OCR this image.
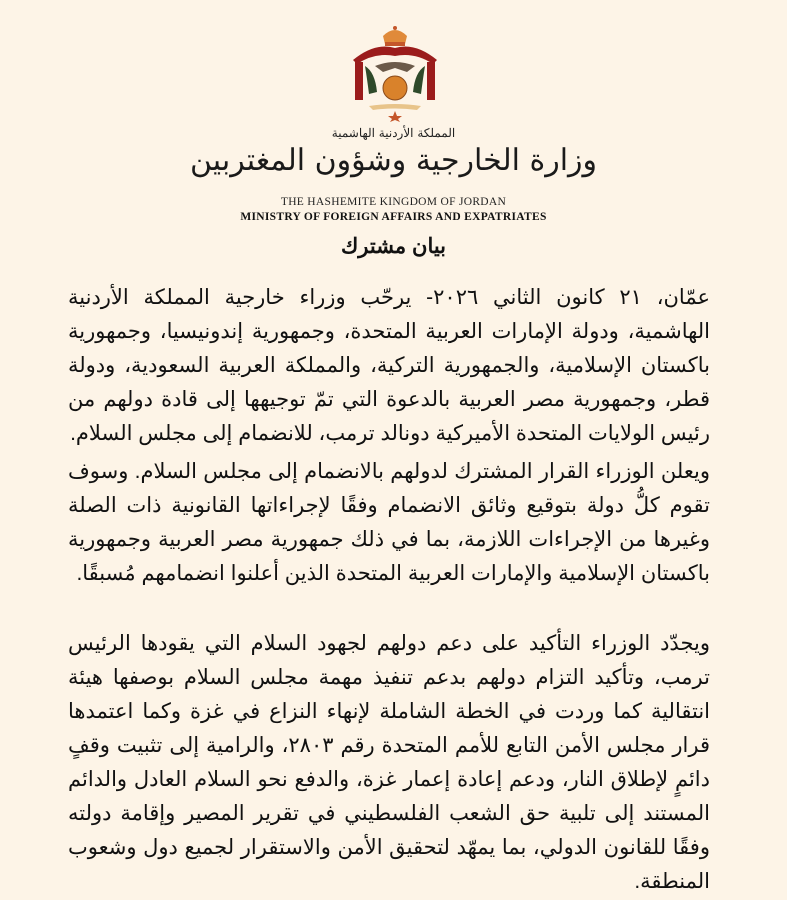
المملكة الأردنية الهاشمية
وزارة الخارجية وشؤون المغتربين
THE HASHEMITE KINGDOM OF JORDAN
MINISTRY OF FOREIGN AFFAIRS AND EXPATRIATES
بيان مشترك

عمّان، ٢١ كانون الثاني ٢٠٢٦- يرحّب وزراء خارجية المملكة الأردنية الهاشمية، ودولة الإمارات العربية المتحدة، وجمهورية إندونيسيا، وجمهورية باكستان الإسلامية، والجمهورية التركية، والمملكة العربية السعودية، ودولة قطر، وجمهورية مصر العربية بالدعوة التي تمّ توجيهها إلى قادة دولهم من رئيس الولايات المتحدة الأميركية دونالد ترمب، للانضمام إلى مجلس السلام.

ويعلن الوزراء القرار المشترك لدولهم بالانضمام إلى مجلس السلام. وسوف تقوم كلُّ دولة بتوقيع وثائق الانضمام وفقًا لإجراءاتها القانونية ذات الصلة وغيرها من الإجراءات اللازمة، بما في ذلك جمهورية مصر العربية وجمهورية باكستان الإسلامية والإمارات العربية المتحدة الذين أعلنوا انضمامهم مُسبقًا.

ويجدّد الوزراء التأكيد على دعم دولهم لجهود السلام التي يقودها الرئيس ترمب، وتأكيد التزام دولهم بدعم تنفيذ مهمة مجلس السلام بوصفها هيئة انتقالية كما وردت في الخطة الشاملة لإنهاء النزاع في غزة وكما اعتمدها قرار مجلس الأمن التابع للأمم المتحدة رقم ٢٨٠٣، والرامية إلى تثبيت وقفٍ دائمٍ لإطلاق النار، ودعم إعادة إعمار غزة، والدفع نحو السلام العادل والدائم المستند إلى تلبية حق الشعب الفلسطيني في تقرير المصير وإقامة دولته وفقًا للقانون الدولي، بما يمهّد لتحقيق الأمن والاستقرار لجميع دول وشعوب المنطقة.
